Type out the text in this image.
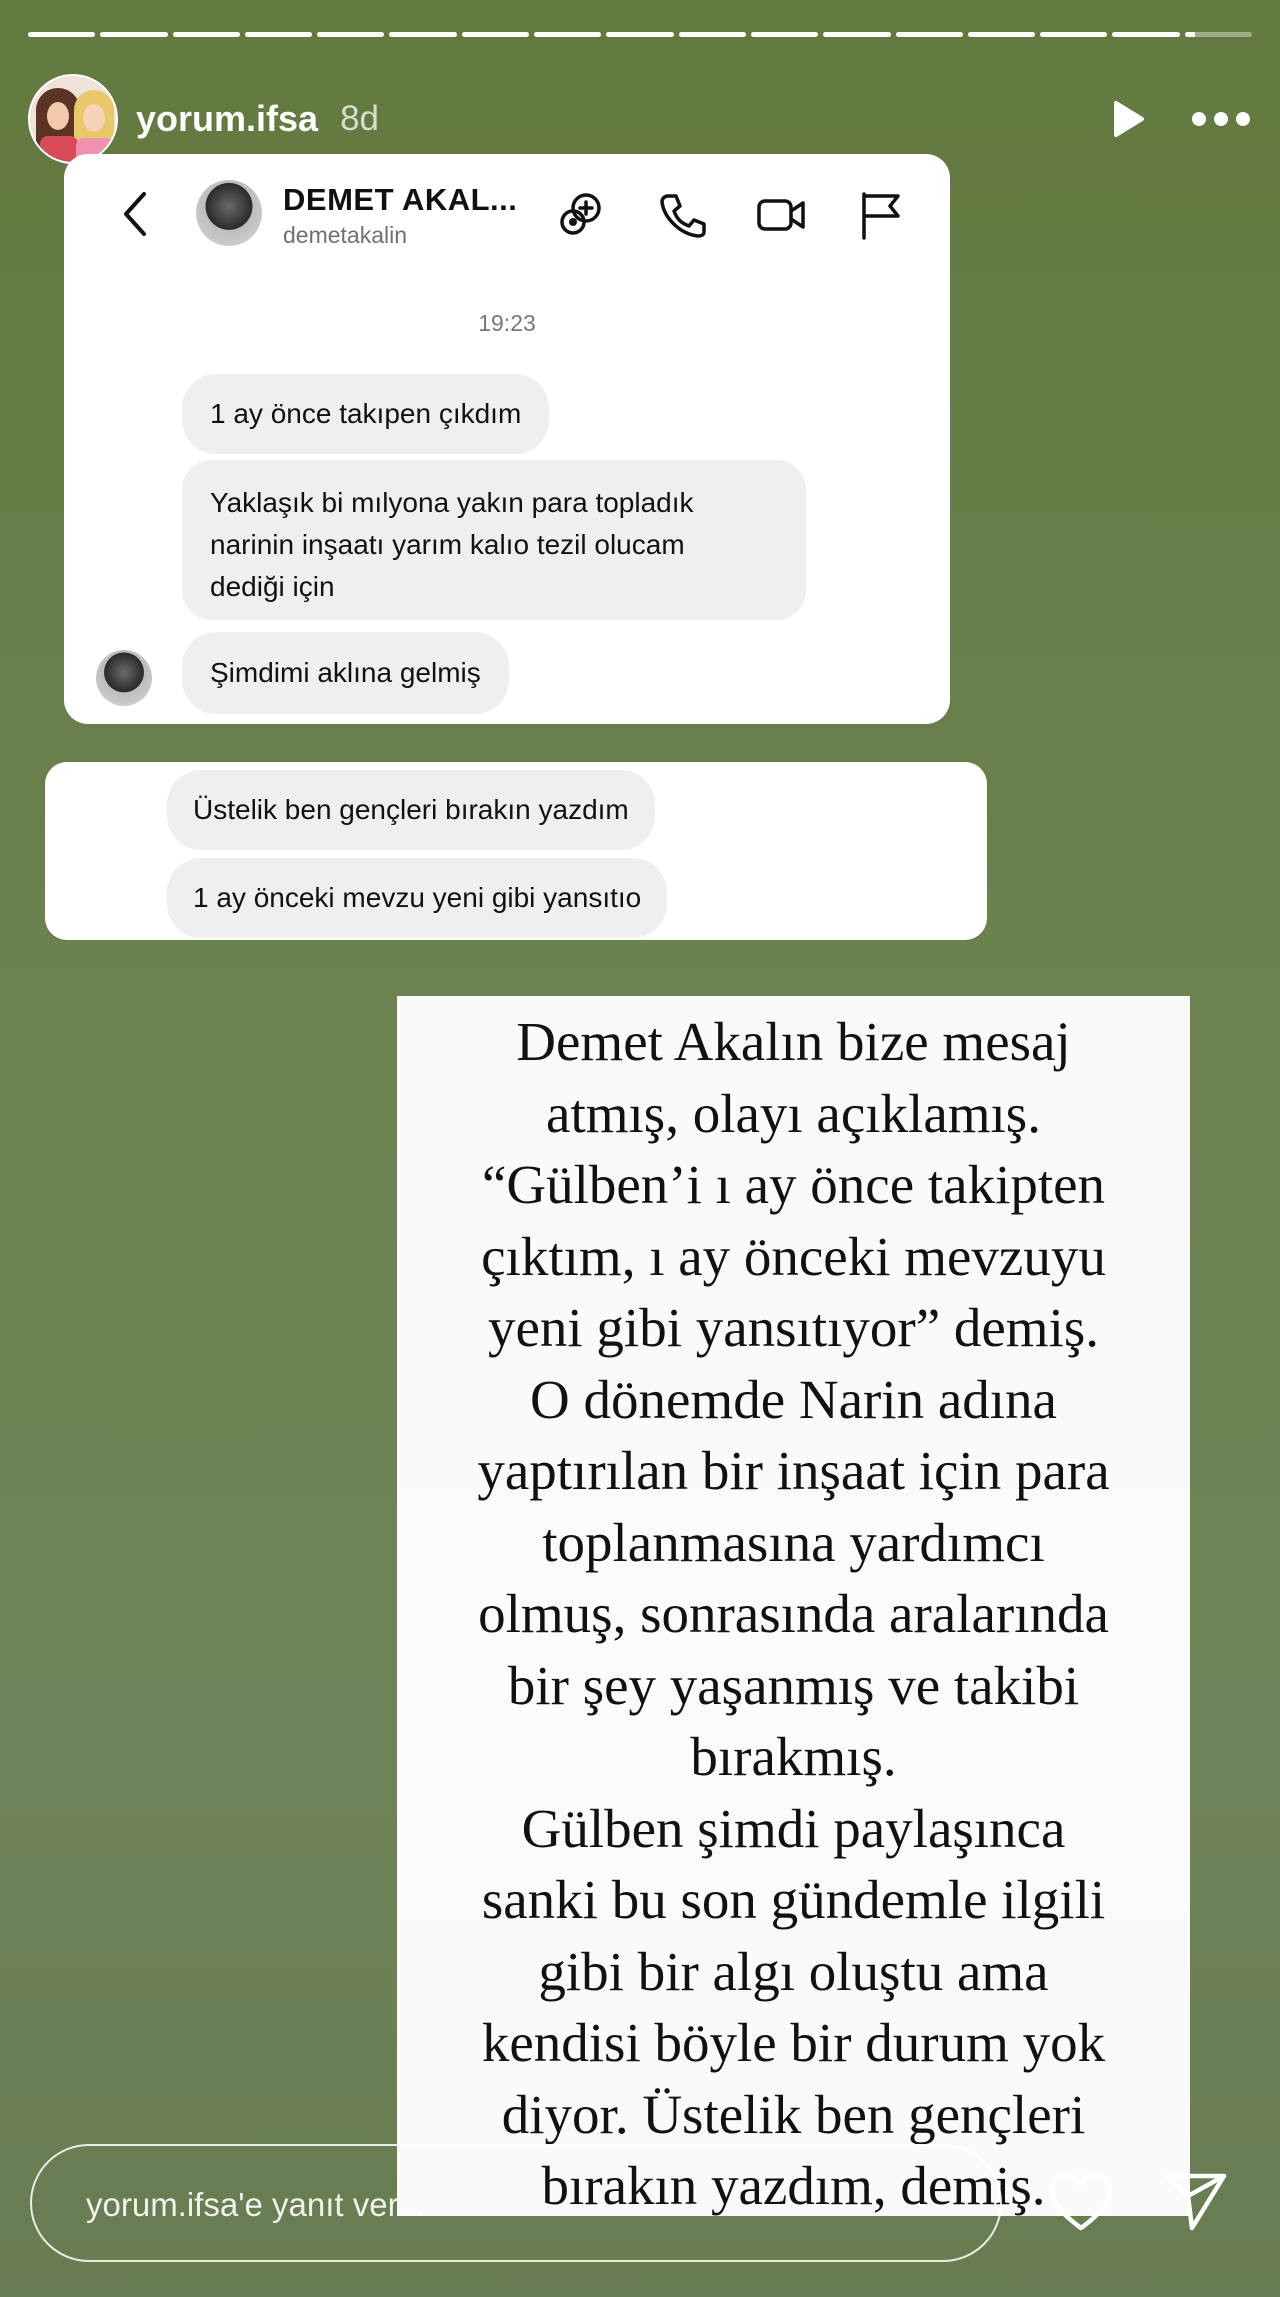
yorum.ifsa 8d
DEMET AKAL...
demetakalin
19:23
1 ay önce takıpen çıkdım
Yaklaşık bi mılyona yakın para topladık
narinin inşaatı yarım kalıo tezil olucam
dediği için
Şimdimi aklına gelmiş
Üstelik ben gençleri bırakın yazdım
1 ay önceki mevzu yeni gibi yansıtıo

Demet Akalın bize mesaj
atmış, olayı açıklamış.
“Gülben’i ı ay önce takipten
çıktım, ı ay önceki mevzuyu
yeni gibi yansıtıyor” demiş.
O dönemde Narin adına
yaptırılan bir inşaat için para
toplanmasına yardımcı
olmuş, sonrasında aralarında
bir şey yaşanmış ve takibi
bırakmış.
Gülben şimdi paylaşınca
sanki bu son gündemle ilgili
gibi bir algı oluştu ama
kendisi böyle bir durum yok
diyor. Üstelik ben gençleri
bırakın yazdım, demiş.

yorum.ifsa'e yanıt ver...
